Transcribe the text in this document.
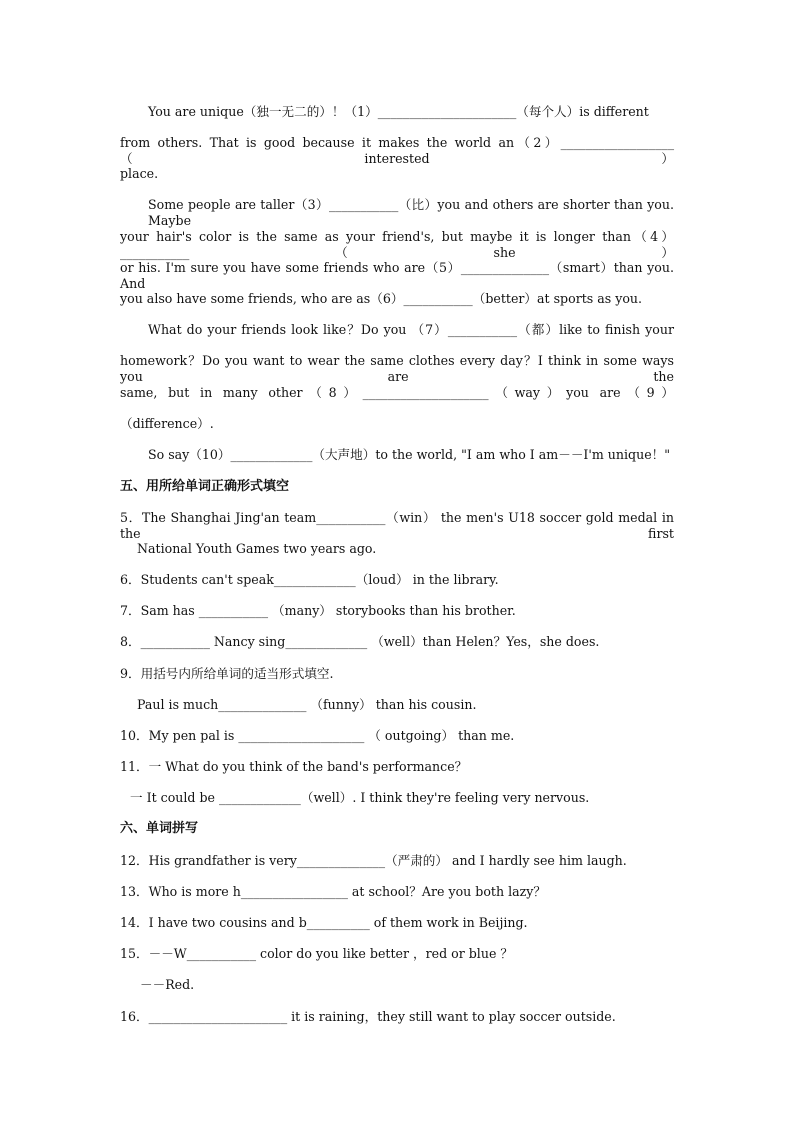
You are unique（独一无二的）！（1）______________________（每个人）is different
from others. That is good because it makes the world an（2）__________________（interested）
place.
Some people are taller（3）___________（比）you and others are shorter than you. Maybe
your hair's color is the same as your friend's, but maybe it is longer than（4）___________（she）
or his. I'm sure you have some friends who are（5）______________（smart）than you. And
you also have some friends, who are as（6）___________（better）at sports as you.
What do your friends look like？Do you （7）___________（都）like to finish your
homework？Do you want to wear the same clothes every day？I think in some ways you are the
same, but in many other（8）____________________（way）you are（9）
（difference）.
So say（10）_____________（大声地）to the world, "I am who I am－－I'm unique！"
五、用所给单词正确形式填空
5．The Shanghai Jing'an team___________（win） the men's U18 soccer gold medal in the first
National Youth Games two years ago.
6．Students can't speak_____________（loud） in the library.
7．Sam has ___________ （many） storybooks than his brother.
8．___________ Nancy sing_____________ （well）than Helen？Yes，she does.
9．用括号内所给单词的适当形式填空.
Paul is much______________ （funny） than his cousin.
10．My pen pal is ____________________ （ outgoing） than me.
11．一 What do you think of the band's performance？
一 It could be _____________（well）. I think they're feeling very nervous.
六、单词拼写
12．His grandfather is very______________（严肃的） and I hardly see him laugh.
13．Who is more h_________________ at school？Are you both lazy？
14．I have two cousins and b__________ of them work in Beijing.
15．－－W___________ color do you like better ，red or blue ？
－－Red.
16．______________________ it is raining，they still want to play soccer outside.
